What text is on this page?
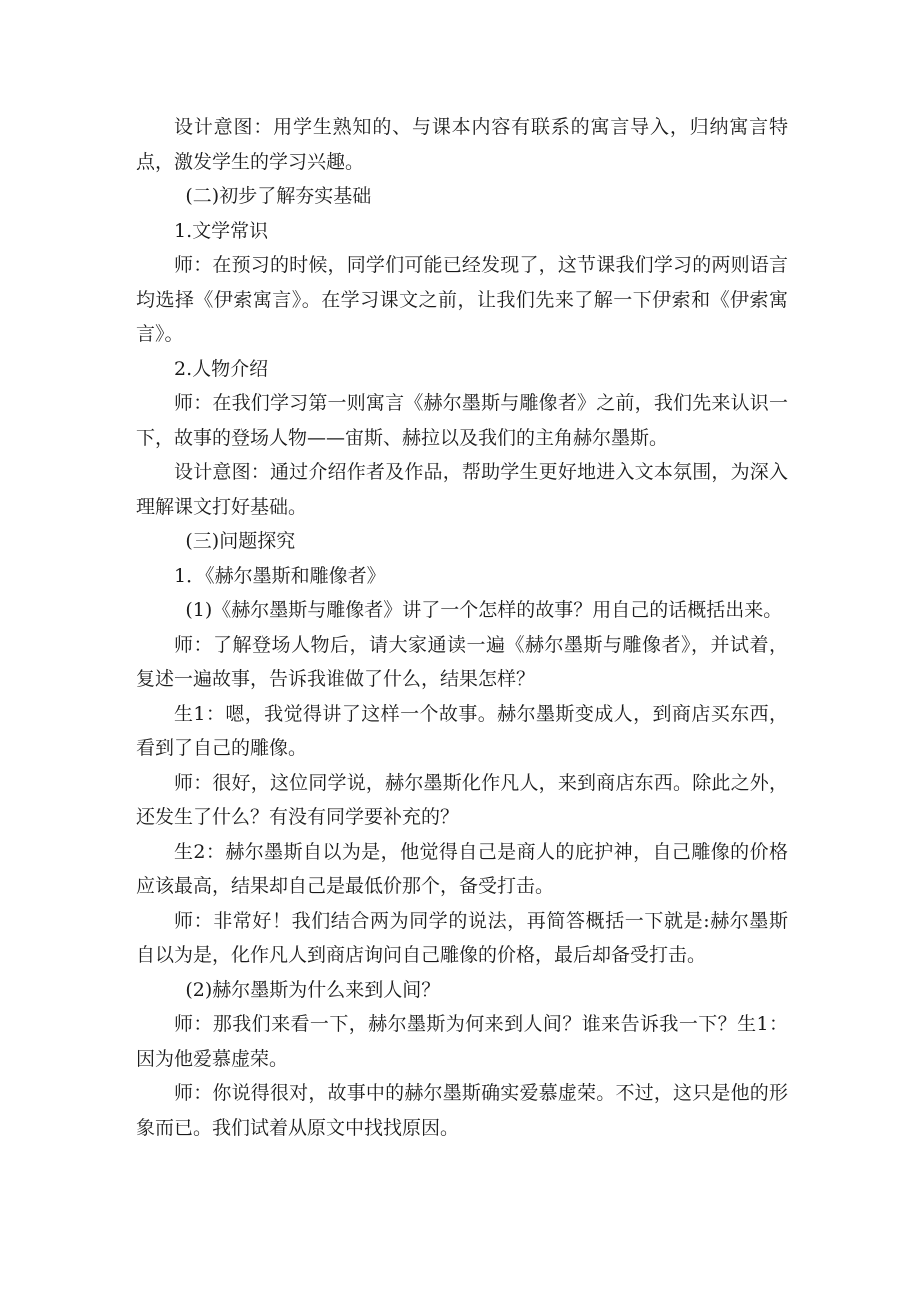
设计意图：用学生熟知的、与课本内容有联系的寓言导入，归纳寓言特点，激发学生的学习兴趣。

(二)初步了解夯实基础

1.文学常识

师：在预习的时候，同学们可能已经发现了，这节课我们学习的两则语言均选择《伊索寓言》。在学习课文之前，让我们先来了解一下伊索和《伊索寓言》。

2.人物介绍

师：在我们学习第一则寓言《赫尔墨斯与雕像者》之前，我们先来认识一下，故事的登场人物——宙斯、赫拉以及我们的主角赫尔墨斯。

设计意图：通过介绍作者及作品，帮助学生更好地进入文本氛围，为深入理解课文打好基础。

(三)问题探究

1．《赫尔墨斯和雕像者》

(1)《赫尔墨斯与雕像者》讲了一个怎样的故事？用自己的话概括出来。

师：了解登场人物后，请大家通读一遍《赫尔墨斯与雕像者》，并试着，复述一遍故事，告诉我谁做了什么，结果怎样？

生1：嗯，我觉得讲了这样一个故事。赫尔墨斯变成人，到商店买东西，看到了自己的雕像。

师：很好，这位同学说，赫尔墨斯化作凡人，来到商店东西。除此之外，还发生了什么？有没有同学要补充的？

生2：赫尔墨斯自以为是，他觉得自己是商人的庇护神，自己雕像的价格应该最高，结果却自己是最低价那个，备受打击。

师：非常好！我们结合两为同学的说法，再简答概括一下就是:赫尔墨斯自以为是，化作凡人到商店询问自己雕像的价格，最后却备受打击。

(2)赫尔墨斯为什么来到人间？

师：那我们来看一下，赫尔墨斯为何来到人间？谁来告诉我一下？生1：因为他爱慕虚荣。

师：你说得很对，故事中的赫尔墨斯确实爱慕虚荣。不过，这只是他的形象而已。我们试着从原文中找找原因。
